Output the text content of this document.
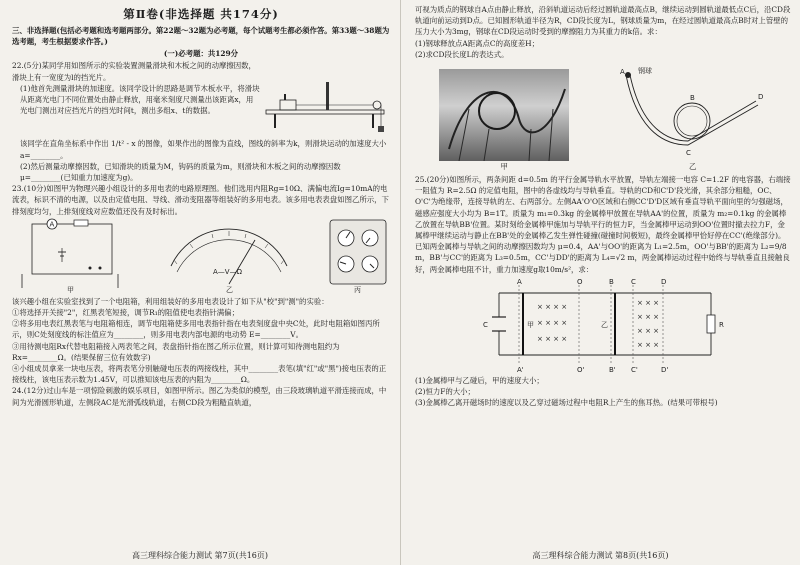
第Ⅱ卷(非选择题 共174分)

三、非选择题(包括必考题和选考题两部分。第22题～32题为必考题，每个试题考生都必须作答。第33题～38题为选考题，考生根据要求作答。)

(一)必考题：共129分

22.(5分)某同学用如图所示的实验装置测量滑块和木板之间的动摩擦因数，滑块上有一宽度为l的挡光片。

(1)他首先测量滑块的加速度。该同学设计的思路是调节木板水平，将滑块从距离光电门不同位置处由静止释放，用毫米刻度尺测量出该距离x，用光电门测出对应挡光片的挡光时间t，测出多组x、t的数据。

该同学在直角坐标系中作出 1/t² - x 的图像，如果作出的图像为直线，图线的斜率为k，则滑块运动的加速度大小 a=________。

(2)然后测量动摩擦因数，已知滑块的质量为M，钩码的质量为m，则滑块和木板之间的动摩擦因数 μ=________(已知重力加速度为g)。

23.(10分)如图甲为物理兴趣小组设计的多用电表的电路原理图。他们选用内阻Rg=10Ω、满偏电流Ig=10mA的电流表，标识不清的电源，以及由定值电阻、导线、滑动变阻器等组装好的多用电表。该多用电表表盘如图乙所示，下排刻度均匀，上排刻度线对应数值还没有及时标出。

A
甲
A—V—Ω
乙	丙

该兴趣小组在实验室找到了一个电阻箱，利用组装好的多用电表设计了如下从"校"到"测"的实验：

①将选择开关接"2"，红黑表笔短接，调节R₁的阻值使电表指针满偏；

②将多用电表红黑表笔与电阻箱相连，调节电阻箱使多用电表指针指在电表刻度盘中央C处，此时电阻箱如图丙所示，则C处刻度线的标注值应为________，则多用电表内部电源的电动势 E=________V。

③用待测电阻Rx代替电阻箱接入两表笔之间，表盘指针指在图乙所示位置，则计算可知待测电阻约为 Rx=________Ω。(结果保留三位有效数字)

④小组成员拿来一块电压表，将两表笔分别触碰电压表的两接线柱，其中________表笔(填"红"或"黑")接电压表的正接线柱，该电压表示数为1.45V，可以推知该电压表的内阻为________Ω。

24.(12分)过山车是一项惊险刺激的娱乐项目，如图甲所示。图乙为类似的模型，由三段玻璃轨道平滑连接而成，中间为光滑圆形轨道，左侧段AC是光滑弧线轨道，右侧CD段为粗糙直轨道，

高三理科综合能力测试 第7页(共16页)

可视为质点的钢球自A点由静止释放，沿斜轨道运动后经过圆轨道最高点B，继续运动到圆轨道最低点C后，沿CD段轨道向前运动到D点。已知圆形轨道半径为R，CD段长度为L，钢球质量为m，在经过圆轨道最高点B时对上管壁的压力大小为3mg，钢球在CD段运动时受到的摩擦阻力为其重力的k倍。求：

(1)钢球释放点A距离点C的高度差H；

(2)求CD段长度L的表达式。

甲
A
B
C
D
钢球
乙

25.(20分)如图所示，两条间距 d=0.5m 的平行金属导轨水平放置，导轨左端接一电容 C=1.2F 的电容器，右端接一阻值为 R=2.5Ω 的定值电阻，图中的各虚线均与导轨垂直。导轨的CD和C'D'段光滑，其余部分粗糙，OC、O'C'为绝缘带，连接导轨的左、右两部分。左侧AA'O'O区域和右侧CC'D'D区域有垂直导轨平面向里的匀强磁场，磁感应强度大小均为 B=1T。质量为 m₁=0.3kg 的金属棒甲放置在导轨AA'的位置，质量为 m₂=0.1kg 的金属棒乙放置在导轨BB'位置。某时刻给金属棒甲施加与导轨平行的恒力F，当金属棒甲运动到OO'位置时撤去拉力F，金属棒甲继续运动与静止在BB'处的金属棒乙发生弹性碰撞(碰撞时间极短)，最终金属棒甲恰好停在CC'(绝缘部分)。已知两金属棒与导轨之间的动摩擦因数均为 μ=0.4，AA'与OO'的距离为 L₁=2.5m，OO'与BB'的距离为 L₂=9/8 m，BB'与CC'的距离为 L₃=0.5m，CC'与DD'的距离为 L₄=√2 m，两金属棒运动过程中始终与导轨垂直且接触良好，两金属棒电阻不计，重力加速度g取10m/s²，求：

C	R
A
A'
O
O'
B
B'
C
C'
D
D'
甲	乙
× × × ×
× × × ×
× × × ×
× × ×
× × ×
× × ×
× × ×

(1)金属棒甲与乙碰后，甲的速度大小；

(2)恒力F的大小；

(3)金属棒乙离开磁场时的速度以及乙穿过磁场过程中电阻R上产生的焦耳热。(结果可带根号)

高三理科综合能力测试 第8页(共16页)
